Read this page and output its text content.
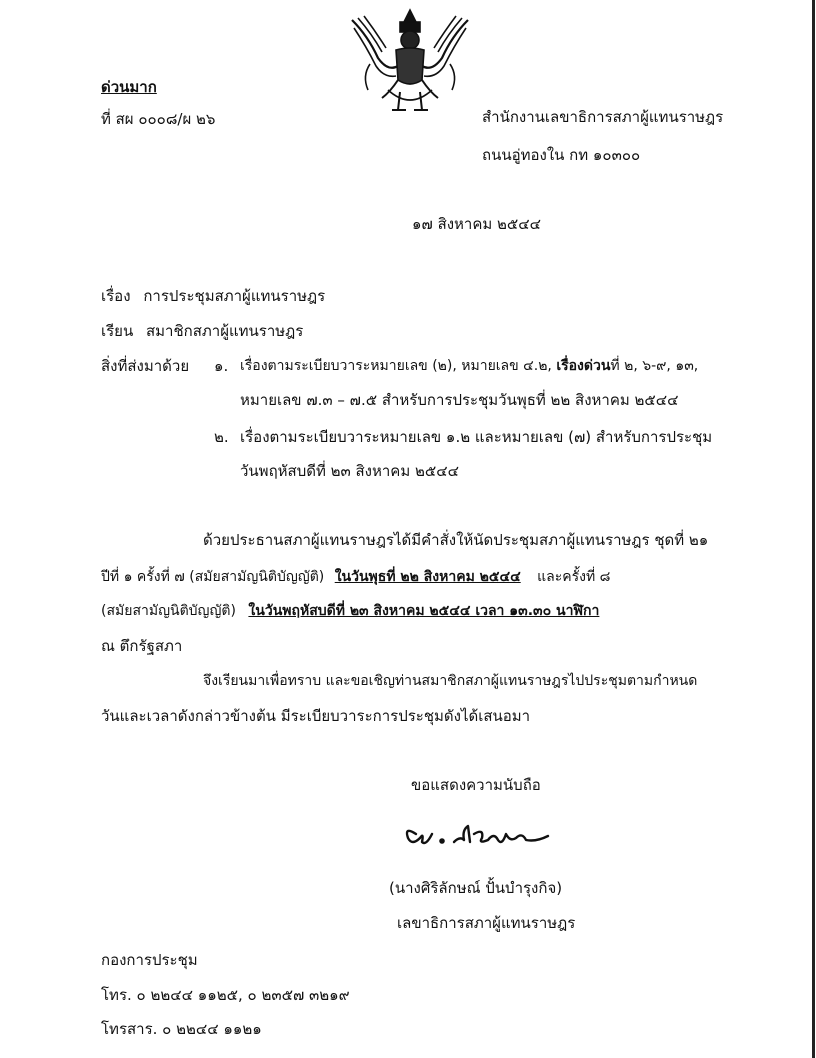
ด่วนมาก
ที่ สผ ๐๐๐๘/ผ ๒๖	สำนักงานเลขาธิการสภาผู้แทนราษฎร
ถนนอู่ทองใน กท ๑๐๓๐๐
๑๗ สิงหาคม ๒๕๔๔
เรื่อง การประชุมสภาผู้แทนราษฎร
เรียน สมาชิกสภาผู้แทนราษฎร
สิ่งที่ส่งมาด้วย ๑. เรื่องตามระเบียบวาระหมายเลข (๒), หมายเลข ๔.๒, เรื่องด่วนที่ ๒, ๖-๙, ๑๓,
หมายเลข ๗.๓ – ๗.๕ สำหรับการประชุมวันพุธที่ ๒๒ สิงหาคม ๒๕๔๔
๒. เรื่องตามระเบียบวาระหมายเลข ๑.๒ และหมายเลข (๗) สำหรับการประชุม
วันพฤหัสบดีที่ ๒๓ สิงหาคม ๒๕๔๔
ด้วยประธานสภาผู้แทนราษฎรได้มีคำสั่งให้นัดประชุมสภาผู้แทนราษฎร ชุดที่ ๒๑
ปีที่ ๑ ครั้งที่ ๗ (สมัยสามัญนิติบัญญัติ) ในวันพุธที่ ๒๒ สิงหาคม ๒๕๔๔ และครั้งที่ ๘
(สมัยสามัญนิติบัญญัติ) ในวันพฤหัสบดีที่ ๒๓ สิงหาคม ๒๕๔๔ เวลา ๑๓.๓๐ นาฬิกา
ณ ตึกรัฐสภา
จึงเรียนมาเพื่อทราบ และขอเชิญท่านสมาชิกสภาผู้แทนราษฎรไปประชุมตามกำหนด
วันและเวลาดังกล่าวข้างต้น มีระเบียบวาระการประชุมดังได้เสนอมา
ขอแสดงความนับถือ
(นางศิริลักษณ์ ปั้นบำรุงกิจ)
เลขาธิการสภาผู้แทนราษฎร
กองการประชุม
โทร. ๐ ๒๒๔๔ ๑๑๒๕, ๐ ๒๓๕๗ ๓๒๑๙
โทรสาร. ๐ ๒๒๔๔ ๑๑๒๑
